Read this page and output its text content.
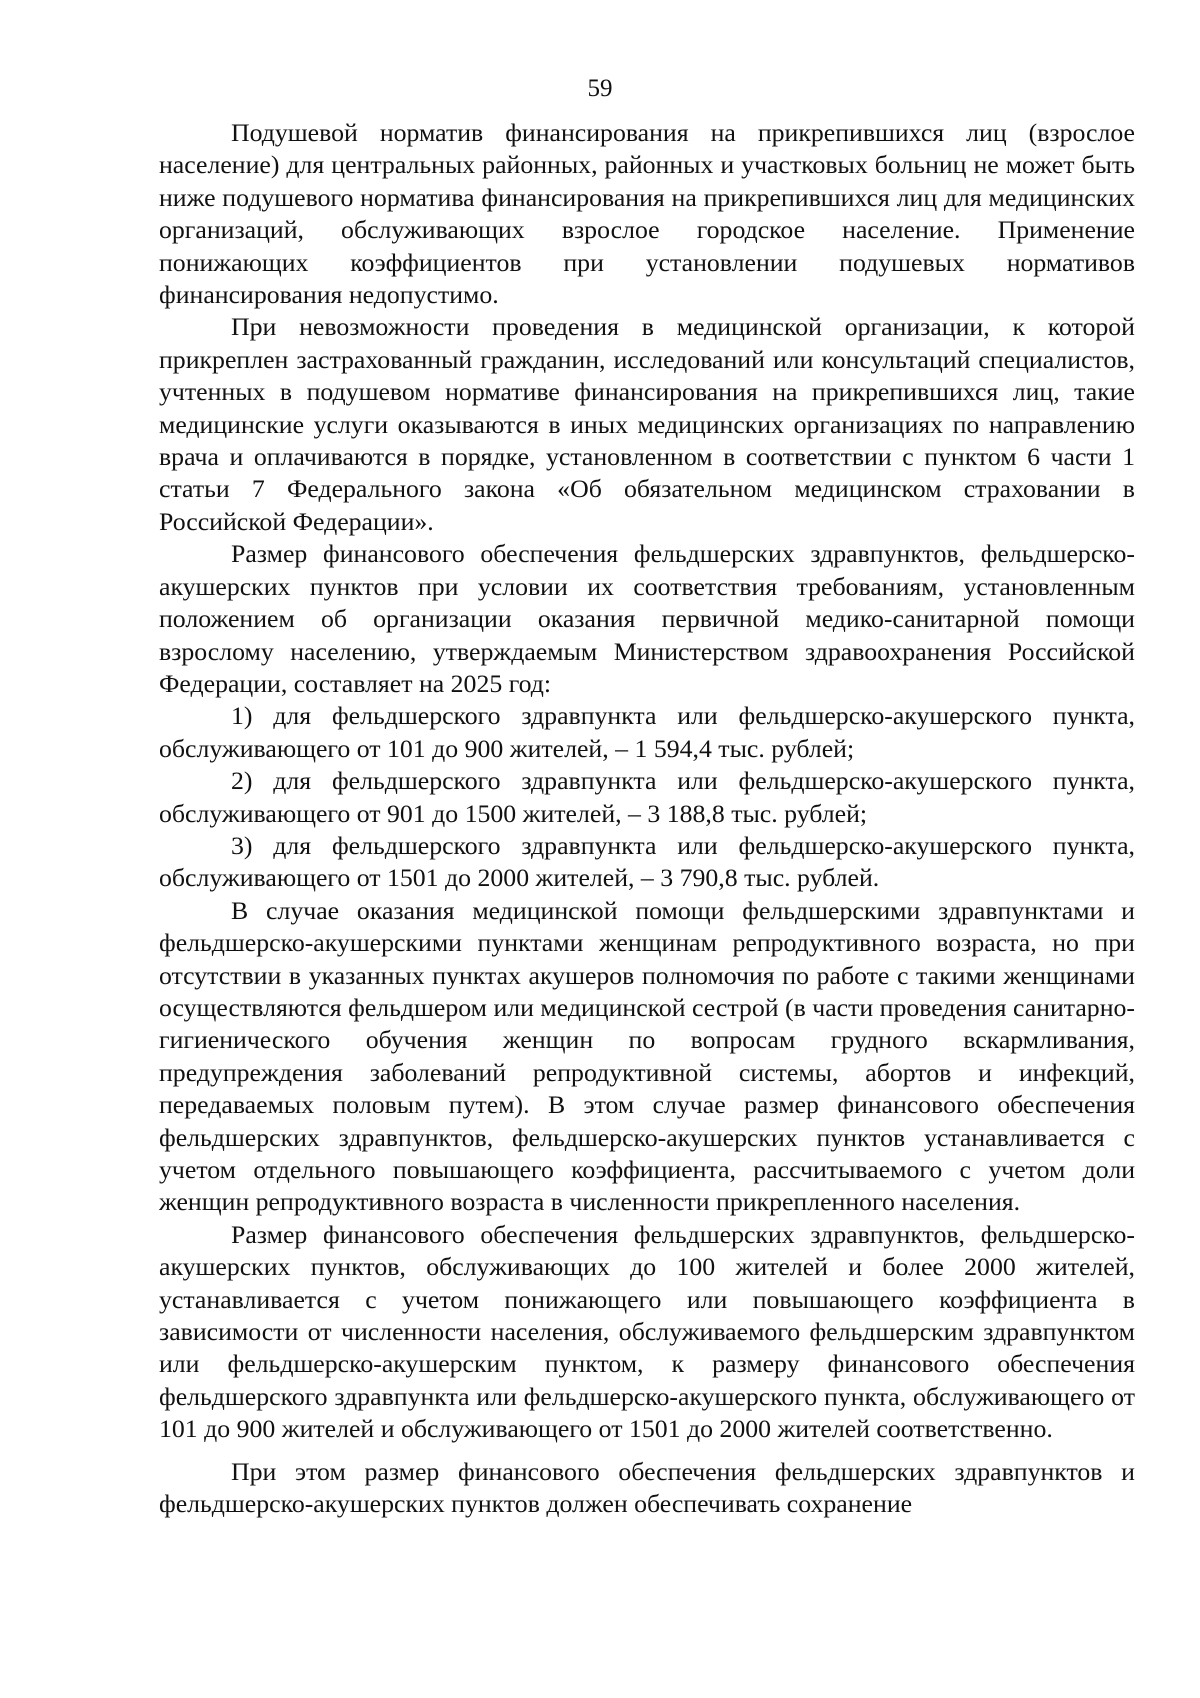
59

Подушевой норматив финансирования на прикрепившихся лиц (взрослое население) для центральных районных, районных и участковых больниц не может быть ниже подушевого норматива финансирования на прикрепившихся лиц для медицинских организаций, обслуживающих взрослое городское население. Применение понижающих коэффициентов при установлении подушевых нормативов финансирования недопустимо.

При невозможности проведения в медицинской организации, к которой прикреплен застрахованный гражданин, исследований или консультаций специалистов, учтенных в подушевом нормативе финансирования на прикрепившихся лиц, такие медицинские услуги оказываются в иных медицинских организациях по направлению врача и оплачиваются в порядке, установленном в соответствии с пунктом 6 части 1 статьи 7 Федерального закона «Об обязательном медицинском страховании в Российской Федерации».

Размер финансового обеспечения фельдшерских здравпунктов, фельдшерско-акушерских пунктов при условии их соответствия требованиям, установленным положением об организации оказания первичной медико-санитарной помощи взрослому населению, утверждаемым Министерством здравоохранения Российской Федерации, составляет на 2025 год:

1) для фельдшерского здравпункта или фельдшерско-акушерского пункта, обслуживающего от 101 до 900 жителей, – 1 594,4 тыс. рублей;

2) для фельдшерского здравпункта или фельдшерско-акушерского пункта, обслуживающего от 901 до 1500 жителей, – 3 188,8 тыс. рублей;

3) для фельдшерского здравпункта или фельдшерско-акушерского пункта, обслуживающего от 1501 до 2000 жителей, – 3 790,8 тыс. рублей.

В случае оказания медицинской помощи фельдшерскими здравпунктами и фельдшерско-акушерскими пунктами женщинам репродуктивного возраста, но при отсутствии в указанных пунктах акушеров полномочия по работе с такими женщинами осуществляются фельдшером или медицинской сестрой (в части проведения санитарно-гигиенического обучения женщин по вопросам грудного вскармливания, предупреждения заболеваний репродуктивной системы, абортов и инфекций, передаваемых половым путем). В этом случае размер финансового обеспечения фельдшерских здравпунктов, фельдшерско-акушерских пунктов устанавливается с учетом отдельного повышающего коэффициента, рассчитываемого с учетом доли женщин репродуктивного возраста в численности прикрепленного населения.

Размер финансового обеспечения фельдшерских здравпунктов, фельдшерско-акушерских пунктов, обслуживающих до 100 жителей и более 2000 жителей, устанавливается с учетом понижающего или повышающего коэффициента в зависимости от численности населения, обслуживаемого фельдшерским здравпунктом или фельдшерско-акушерским пунктом, к размеру финансового обеспечения фельдшерского здравпункта или фельдшерско-акушерского пункта, обслуживающего от 101 до 900 жителей и обслуживающего от 1501 до 2000 жителей соответственно.

При этом размер финансового обеспечения фельдшерских здравпунктов и фельдшерско-акушерских пунктов должен обеспечивать сохранение
